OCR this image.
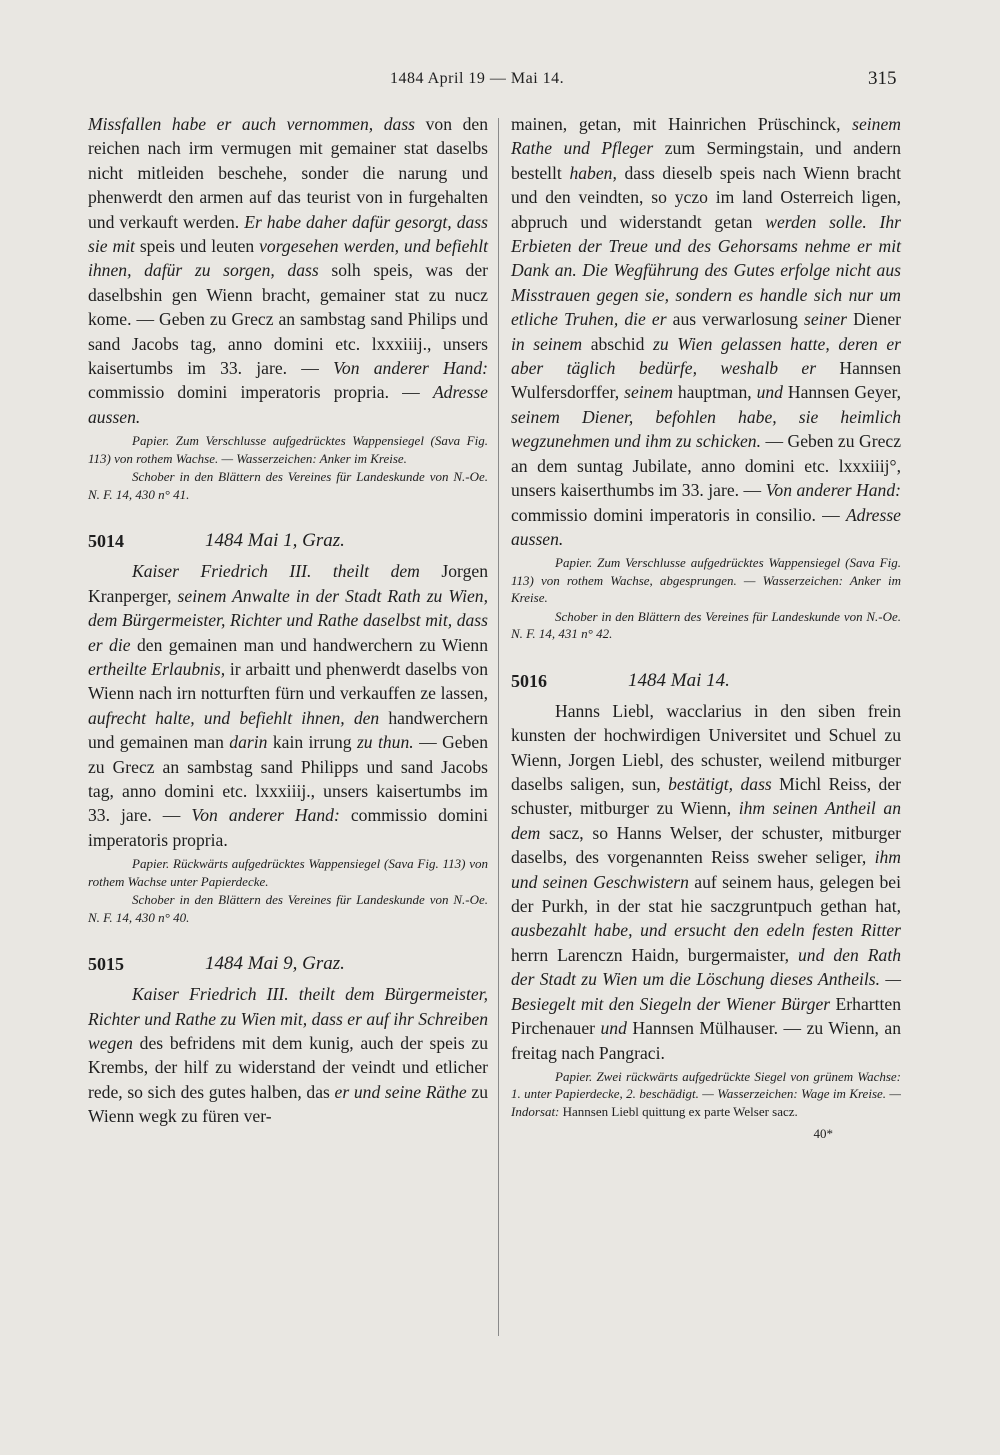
1484 April 19 — Mai 14.	315

Missfallen habe er auch vernommen, dass von den reichen nach irm vermugen mit gemainer stat daselbs nicht mitleiden beschehe, sonder die narung und phenwerdt den armen auf das teurist von in furgehalten und verkauft werden. Er habe daher dafür gesorgt, dass sie mit speis und leuten vorgesehen werden, und befiehlt ihnen, dafür zu sorgen, dass solh speis, was der daselbshin gen Wienn bracht, gemainer stat zu nucz kome. — Geben zu Grecz an sambstag sand Philips und sand Jacobs tag, anno domini etc. lxxxiiij., unsers kaisertumbs im 33. jare. — Von anderer Hand: commissio domini imperatoris propria. — Adresse aussen.

Papier. Zum Verschlusse aufgedrücktes Wappensiegel (Sava Fig. 113) von rothem Wachse. — Wasserzeichen: Anker im Kreise.

Schober in den Blättern des Vereines für Landeskunde von N.-Oe. N. F. 14, 430 n° 41.

5014	1484 Mai 1, Graz.

Kaiser Friedrich III. theilt dem Jorgen Kranperger, seinem Anwalte in der Stadt Rath zu Wien, dem Bürgermeister, Richter und Rathe daselbst mit, dass er die den gemainen man und handwerchern zu Wienn ertheilte Erlaubnis, ir arbaitt und phenwerdt daselbs von Wienn nach irn notturften fürn und verkauffen ze lassen, aufrecht halte, und befiehlt ihnen, den handwerchern und gemainen man darin kain irrung zu thun. — Geben zu Grecz an sambstag sand Philipps und sand Jacobs tag, anno domini etc. lxxxiiij., unsers kaisertumbs im 33. jare. — Von anderer Hand: commissio domini imperatoris propria.

Papier. Rückwärts aufgedrücktes Wappensiegel (Sava Fig. 113) von rothem Wachse unter Papierdecke.

Schober in den Blättern des Vereines für Landeskunde von N.-Oe. N. F. 14, 430 n° 40.

5015	1484 Mai 9, Graz.

Kaiser Friedrich III. theilt dem Bürgermeister, Richter und Rathe zu Wien mit, dass er auf ihr Schreiben wegen des befridens mit dem kunig, auch der speis zu Krembs, der hilf zu widerstand der veindt und etlicher rede, so sich des gutes halben, das er und seine Räthe zu Wienn wegk zu füren ver-

mainen, getan, mit Hainrichen Prüschinck, seinem Rathe und Pfleger zum Sermingstain, und andern bestellt haben, dass dieselb speis nach Wienn bracht und den veindten, so yczo im land Osterreich ligen, abpruch und widerstandt getan werden solle. Ihr Erbieten der Treue und des Gehorsams nehme er mit Dank an. Die Wegführung des Gutes erfolge nicht aus Misstrauen gegen sie, sondern es handle sich nur um etliche Truhen, die er aus verwarlosung seiner Diener in seinem abschid zu Wien gelassen hatte, deren er aber täglich bedürfe, weshalb er Hannsen Wulfersdorffer, seinem hauptman, und Hannsen Geyer, seinem Diener, befohlen habe, sie heimlich wegzunehmen und ihm zu schicken. — Geben zu Grecz an dem suntag Jubilate, anno domini etc. lxxxiiij°, unsers kaiserthumbs im 33. jare. — Von anderer Hand: commissio domini imperatoris in consilio. — Adresse aussen.

Papier. Zum Verschlusse aufgedrücktes Wappensiegel (Sava Fig. 113) von rothem Wachse, abgesprungen. — Wasserzeichen: Anker im Kreise.

Schober in den Blättern des Vereines für Landeskunde von N.-Oe. N. F. 14, 431 n° 42.

5016	1484 Mai 14.

Hanns Liebl, wacclarius in den siben frein kunsten der hochwirdigen Universitet und Schuel zu Wienn, Jorgen Liebl, des schuster, weilend mitburger daselbs saligen, sun, bestätigt, dass Michl Reiss, der schuster, mitburger zu Wienn, ihm seinen Antheil an dem sacz, so Hanns Welser, der schuster, mitburger daselbs, des vorgenannten Reiss sweher seliger, ihm und seinen Geschwistern auf seinem haus, gelegen bei der Purkh, in der stat hie saczgruntpuch gethan hat, ausbezahlt habe, und ersucht den edeln festen Ritter herrn Larenczn Haidn, burgermaister, und den Rath der Stadt zu Wien um die Löschung dieses Antheils. — Besiegelt mit den Siegeln der Wiener Bürger Erhartten Pirchenauer und Hannsen Mülhauser. — zu Wienn, an freitag nach Pangraci.

Papier. Zwei rückwärts aufgedrückte Siegel von grünem Wachse: 1. unter Papierdecke, 2. beschädigt. — Wasserzeichen: Wage im Kreise. — Indorsat: Hannsen Liebl quittung ex parte Welser sacz.

40*
